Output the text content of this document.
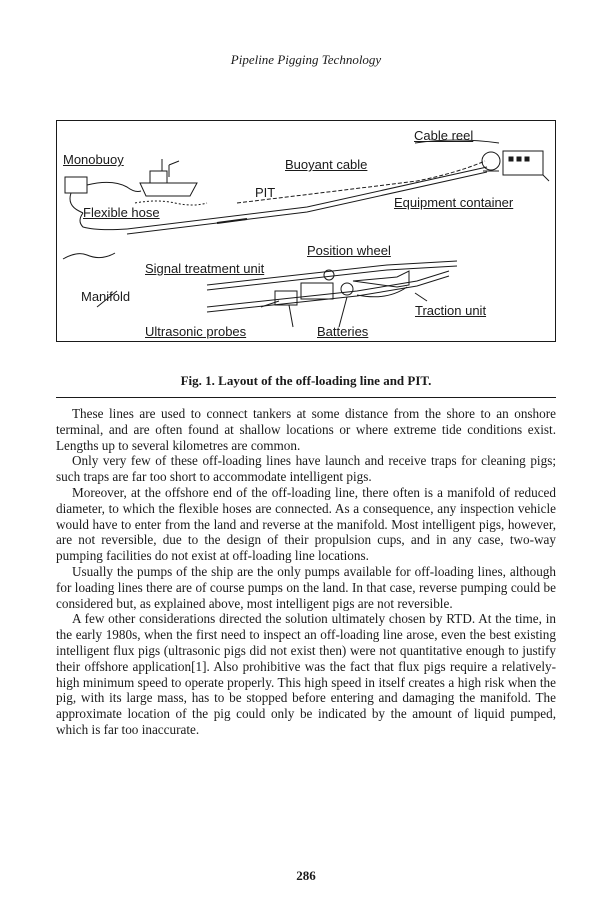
Pipeline Pigging Technology
Cable reel
Monobuoy	Buoyant cable
PIT
Equipment container
Flexible hose
Position wheel
Signal treatment unit
Manifold
Traction unit
Ultrasonic probes	Batteries
Fig. 1. Layout of the off-loading line and PIT.

These lines are used to connect tankers at some distance from the shore to an onshore terminal, and are often found at shallow locations or where extreme tide conditions exist. Lengths up to several kilometres are common.

Only very few of these off-loading lines have launch and receive traps for cleaning pigs; such traps are far too short to accommodate intelligent pigs.

Moreover, at the offshore end of the off-loading line, there often is a manifold of reduced diameter, to which the flexible hoses are connected. As a consequence, any inspection vehicle would have to enter from the land and reverse at the manifold. Most intelligent pigs, however, are not reversible, due to the design of their propulsion cups, and in any case, two-way pumping facilities do not exist at off-loading line locations.

Usually the pumps of the ship are the only pumps available for off-loading lines, although for loading lines there are of course pumps on the land. In that case, reverse pumping could be considered but, as explained above, most intelligent pigs are not reversible.

A few other considerations directed the solution ultimately chosen by RTD. At the time, in the early 1980s, when the first need to inspect an off-loading line arose, even the best existing intelligent flux pigs (ultrasonic pigs did not exist then) were not quantitative enough to justify their offshore application[1]. Also prohibitive was the fact that flux pigs require a relatively-high minimum speed to operate properly. This high speed in itself creates a high risk when the pig, with its large mass, has to be stopped before entering and damaging the manifold. The approximate location of the pig could only be indicated by the amount of liquid pumped, which is far too inaccurate.

286
